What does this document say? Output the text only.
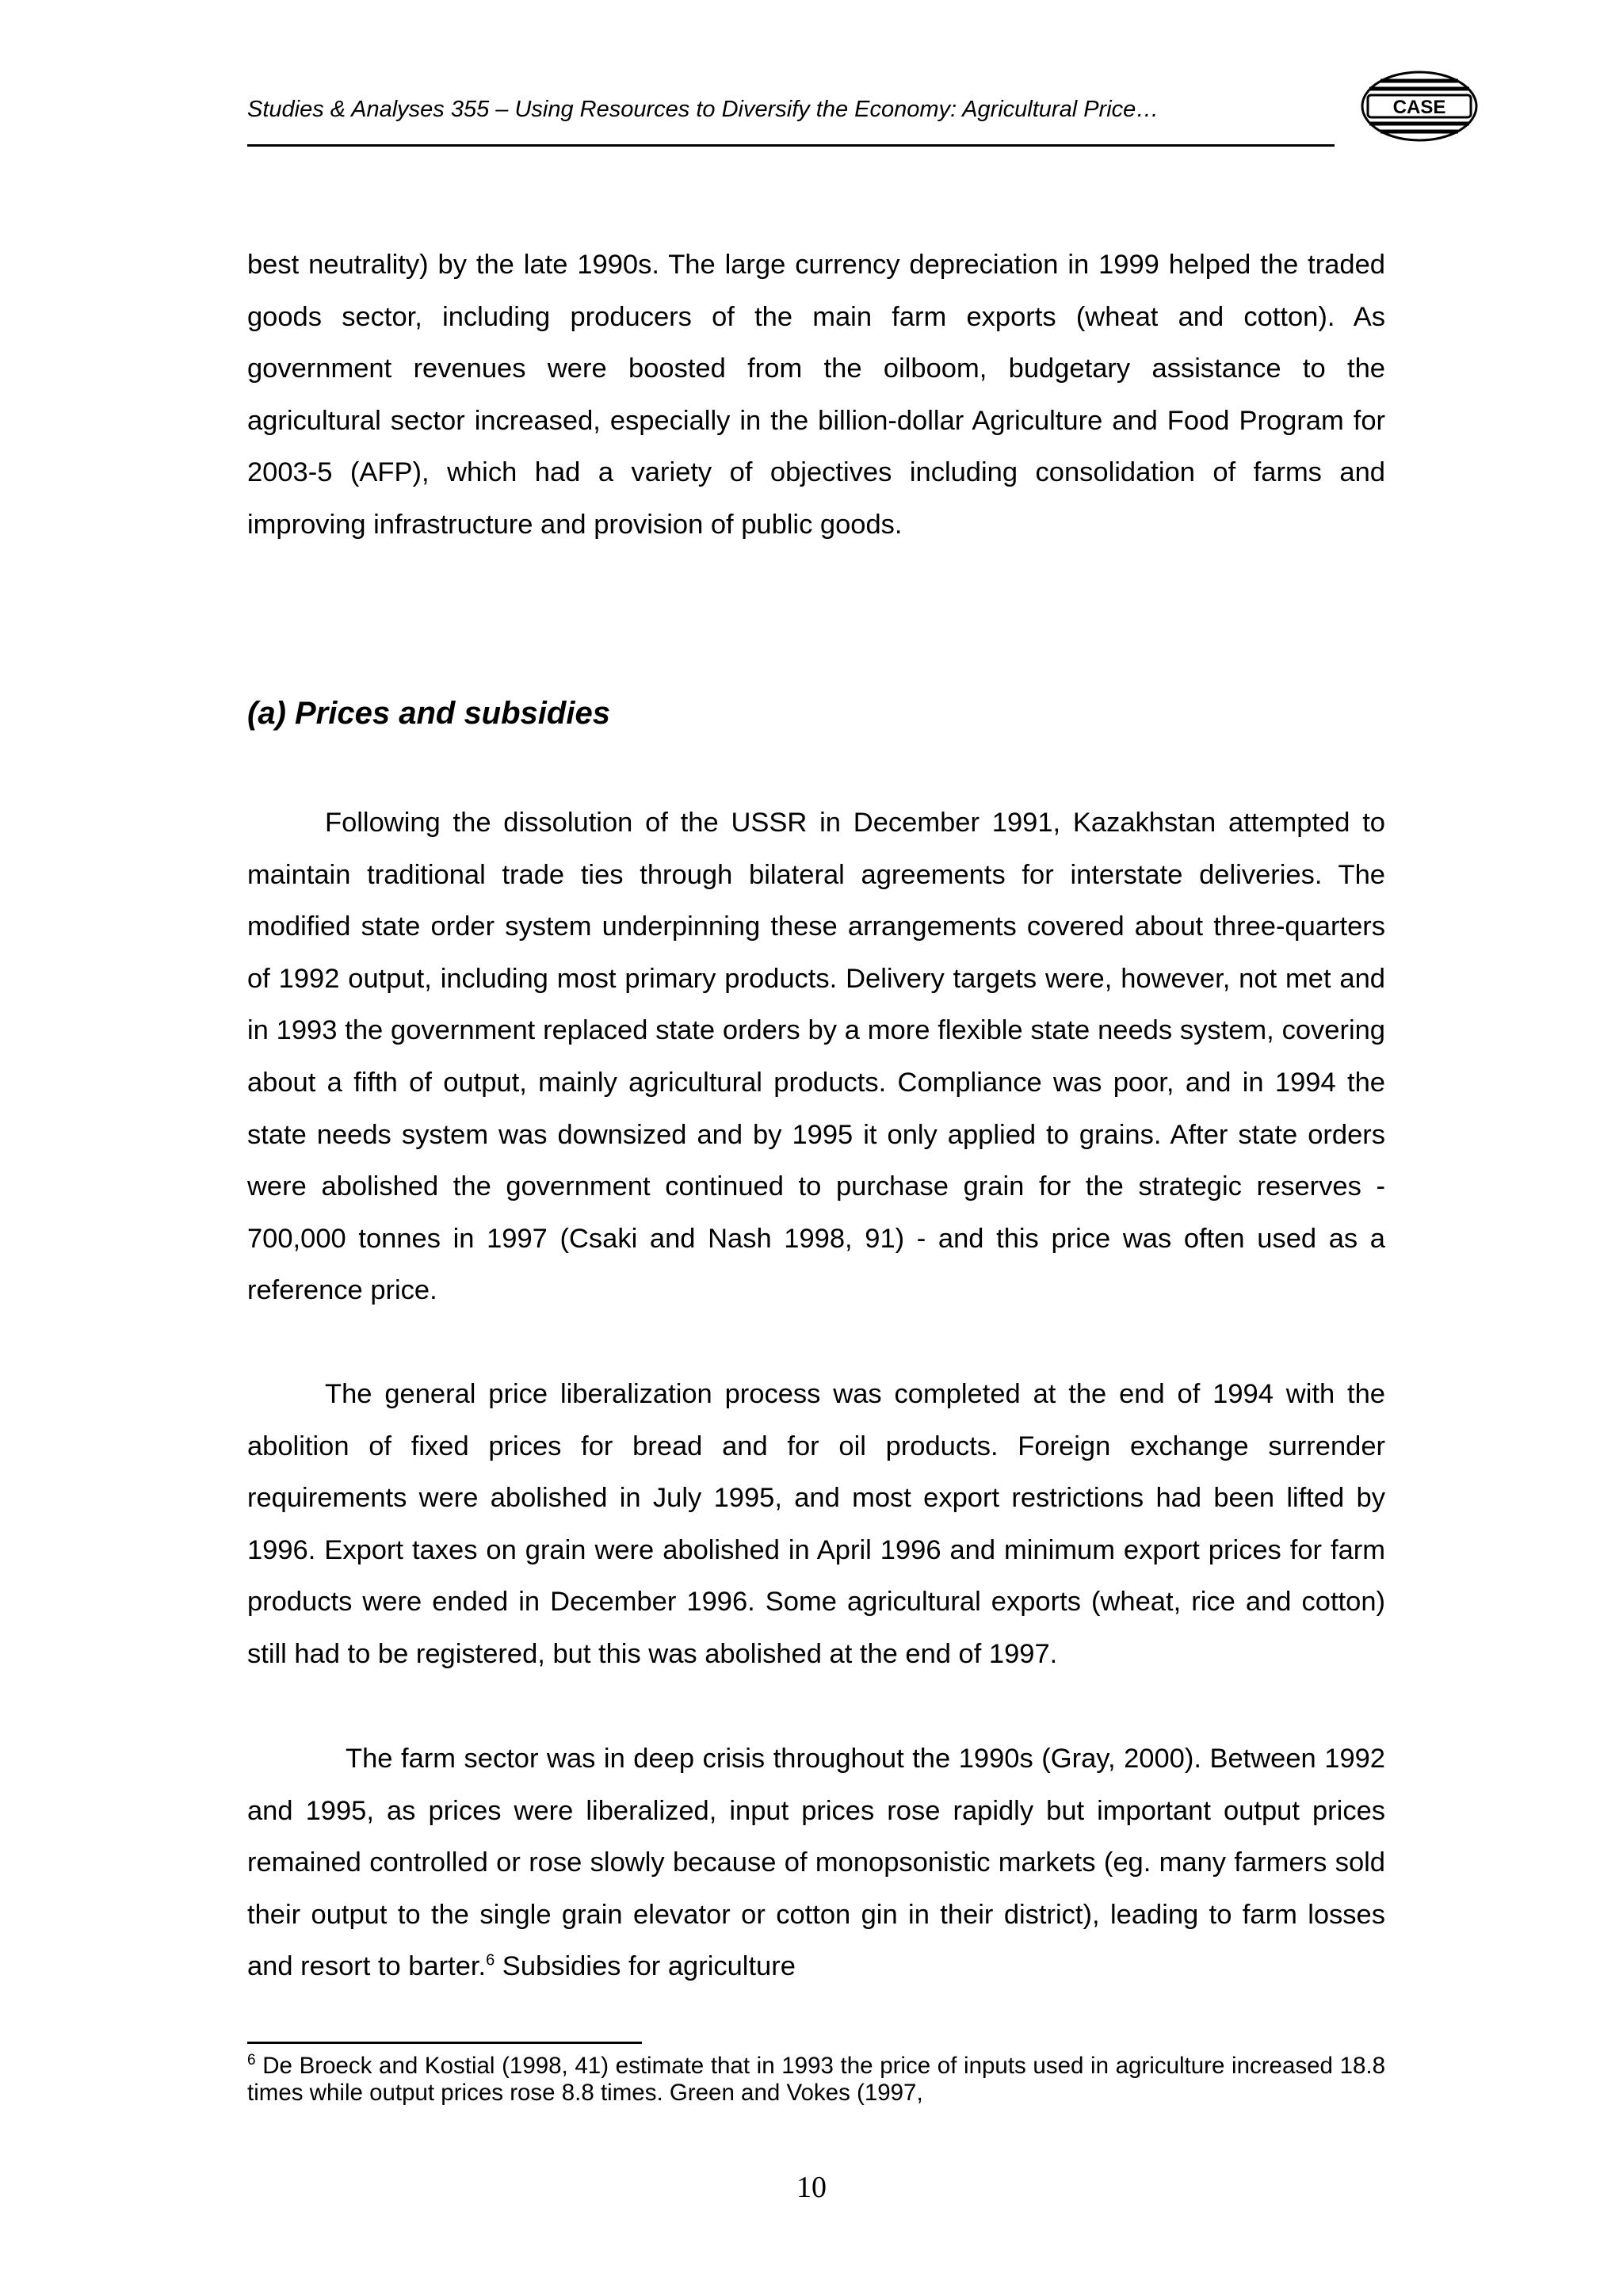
Studies & Analyses 355 – Using Resources to Diversify the Economy: Agricultural Price…	CASE

best neutrality) by the late 1990s. The large currency depreciation in 1999 helped the traded goods sector, including producers of the main farm exports (wheat and cotton). As government revenues were boosted from the oilboom, budgetary assistance to the agricultural sector increased, especially in the billion-dollar Agriculture and Food Program for 2003-5 (AFP), which had a variety of objectives including consolidation of farms and improving infrastructure and provision of public goods.

(a) Prices and subsidies

Following the dissolution of the USSR in December 1991, Kazakhstan attempted to maintain traditional trade ties through bilateral agreements for interstate deliveries. The modified state order system underpinning these arrangements covered about three-quarters of 1992 output, including most primary products. Delivery targets were, however, not met and in 1993 the government replaced state orders by a more flexible state needs system, covering about a fifth of output, mainly agricultural products. Compliance was poor, and in 1994 the state needs system was downsized and by 1995 it only applied to grains. After state orders were abolished the government continued to purchase grain for the strategic reserves - 700,000 tonnes in 1997 (Csaki and Nash 1998, 91) - and this price was often used as a reference price.

The general price liberalization process was completed at the end of 1994 with the abolition of fixed prices for bread and for oil products. Foreign exchange surrender requirements were abolished in July 1995, and most export restrictions had been lifted by 1996. Export taxes on grain were abolished in April 1996 and minimum export prices for farm products were ended in December 1996. Some agricultural exports (wheat, rice and cotton) still had to be registered, but this was abolished at the end of 1997.

The farm sector was in deep crisis throughout the 1990s (Gray, 2000). Between 1992 and 1995, as prices were liberalized, input prices rose rapidly but important output prices remained controlled or rose slowly because of monopsonistic markets (eg. many farmers sold their output to the single grain elevator or cotton gin in their district), leading to farm losses and resort to barter.$^6$ Subsidies for agriculture

$^6$ De Broeck and Kostial (1998, 41) estimate that in 1993 the price of inputs used in agriculture increased 18.8 times while output prices rose 8.8 times. Green and Vokes (1997,

10
